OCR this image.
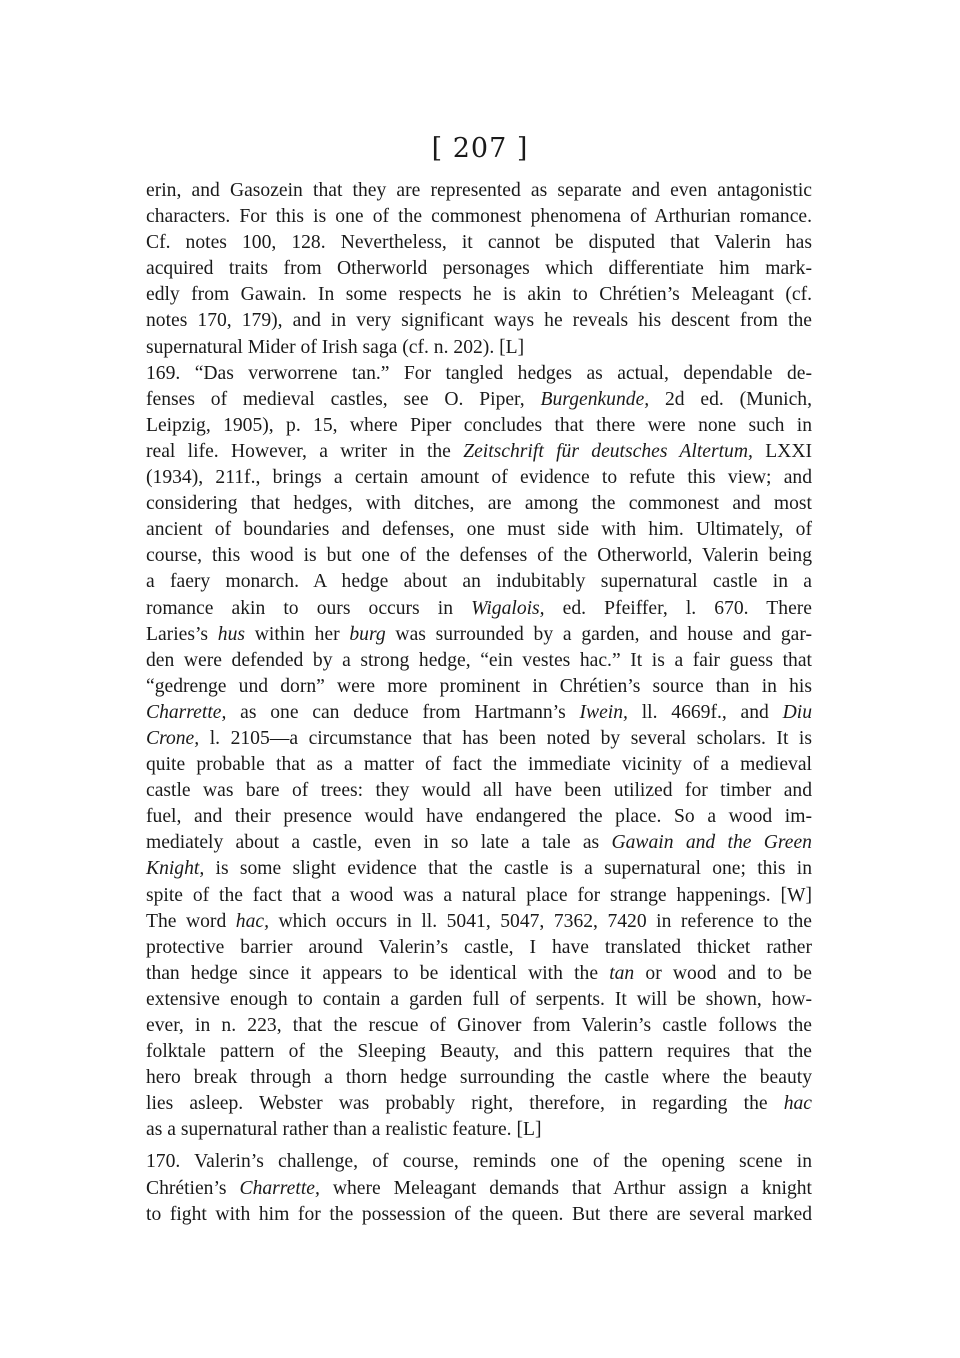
[ 207 ]
erin, and Gasozein that they are represented as separate and even antagonistic
characters. For this is one of the commonest phenomena of Arthurian romance.
Cf. notes 100, 128. Nevertheless, it cannot be disputed that Valerin has
acquired traits from Otherworld personages which differentiate him mark-
edly from Gawain. In some respects he is akin to Chrétien’s Meleagant (cf.
notes 170, 179), and in very significant ways he reveals his descent from the
supernatural Mider of Irish saga (cf. n. 202). [L]
169. “Das verworrene tan.” For tangled hedges as actual, dependable de-
fenses of medieval castles, see O. Piper, Burgenkunde, 2d ed. (Munich,
Leipzig, 1905), p. 15, where Piper concludes that there were none such in
real life. However, a writer in the Zeitschrift für deutsches Altertum, LXXI
(1934), 211f., brings a certain amount of evidence to refute this view; and
considering that hedges, with ditches, are among the commonest and most
ancient of boundaries and defenses, one must side with him. Ultimately, of
course, this wood is but one of the defenses of the Otherworld, Valerin being
a faery monarch. A hedge about an indubitably supernatural castle in a
romance akin to ours occurs in Wigalois, ed. Pfeiffer, l. 670. There
Laries’s hus within her burg was surrounded by a garden, and house and gar-
den were defended by a strong hedge, “ein vestes hac.” It is a fair guess that
“gedrenge und dorn” were more prominent in Chrétien’s source than in his
Charrette, as one can deduce from Hartmann’s Iwein, ll. 4669f., and Diu
Crone, l. 2105—a circumstance that has been noted by several scholars. It is
quite probable that as a matter of fact the immediate vicinity of a medieval
castle was bare of trees: they would all have been utilized for timber and
fuel, and their presence would have endangered the place. So a wood im-
mediately about a castle, even in so late a tale as Gawain and the Green
Knight, is some slight evidence that the castle is a supernatural one; this in
spite of the fact that a wood was a natural place for strange happenings. [W]
The word hac, which occurs in ll. 5041, 5047, 7362, 7420 in reference to the
protective barrier around Valerin’s castle, I have translated thicket rather
than hedge since it appears to be identical with the tan or wood and to be
extensive enough to contain a garden full of serpents. It will be shown, how-
ever, in n. 223, that the rescue of Ginover from Valerin’s castle follows the
folktale pattern of the Sleeping Beauty, and this pattern requires that the
hero break through a thorn hedge surrounding the castle where the beauty
lies asleep. Webster was probably right, therefore, in regarding the hac
as a supernatural rather than a realistic feature. [L]
170. Valerin’s challenge, of course, reminds one of the opening scene in
Chrétien’s Charrette, where Meleagant demands that Arthur assign a knight
to fight with him for the possession of the queen. But there are several marked
